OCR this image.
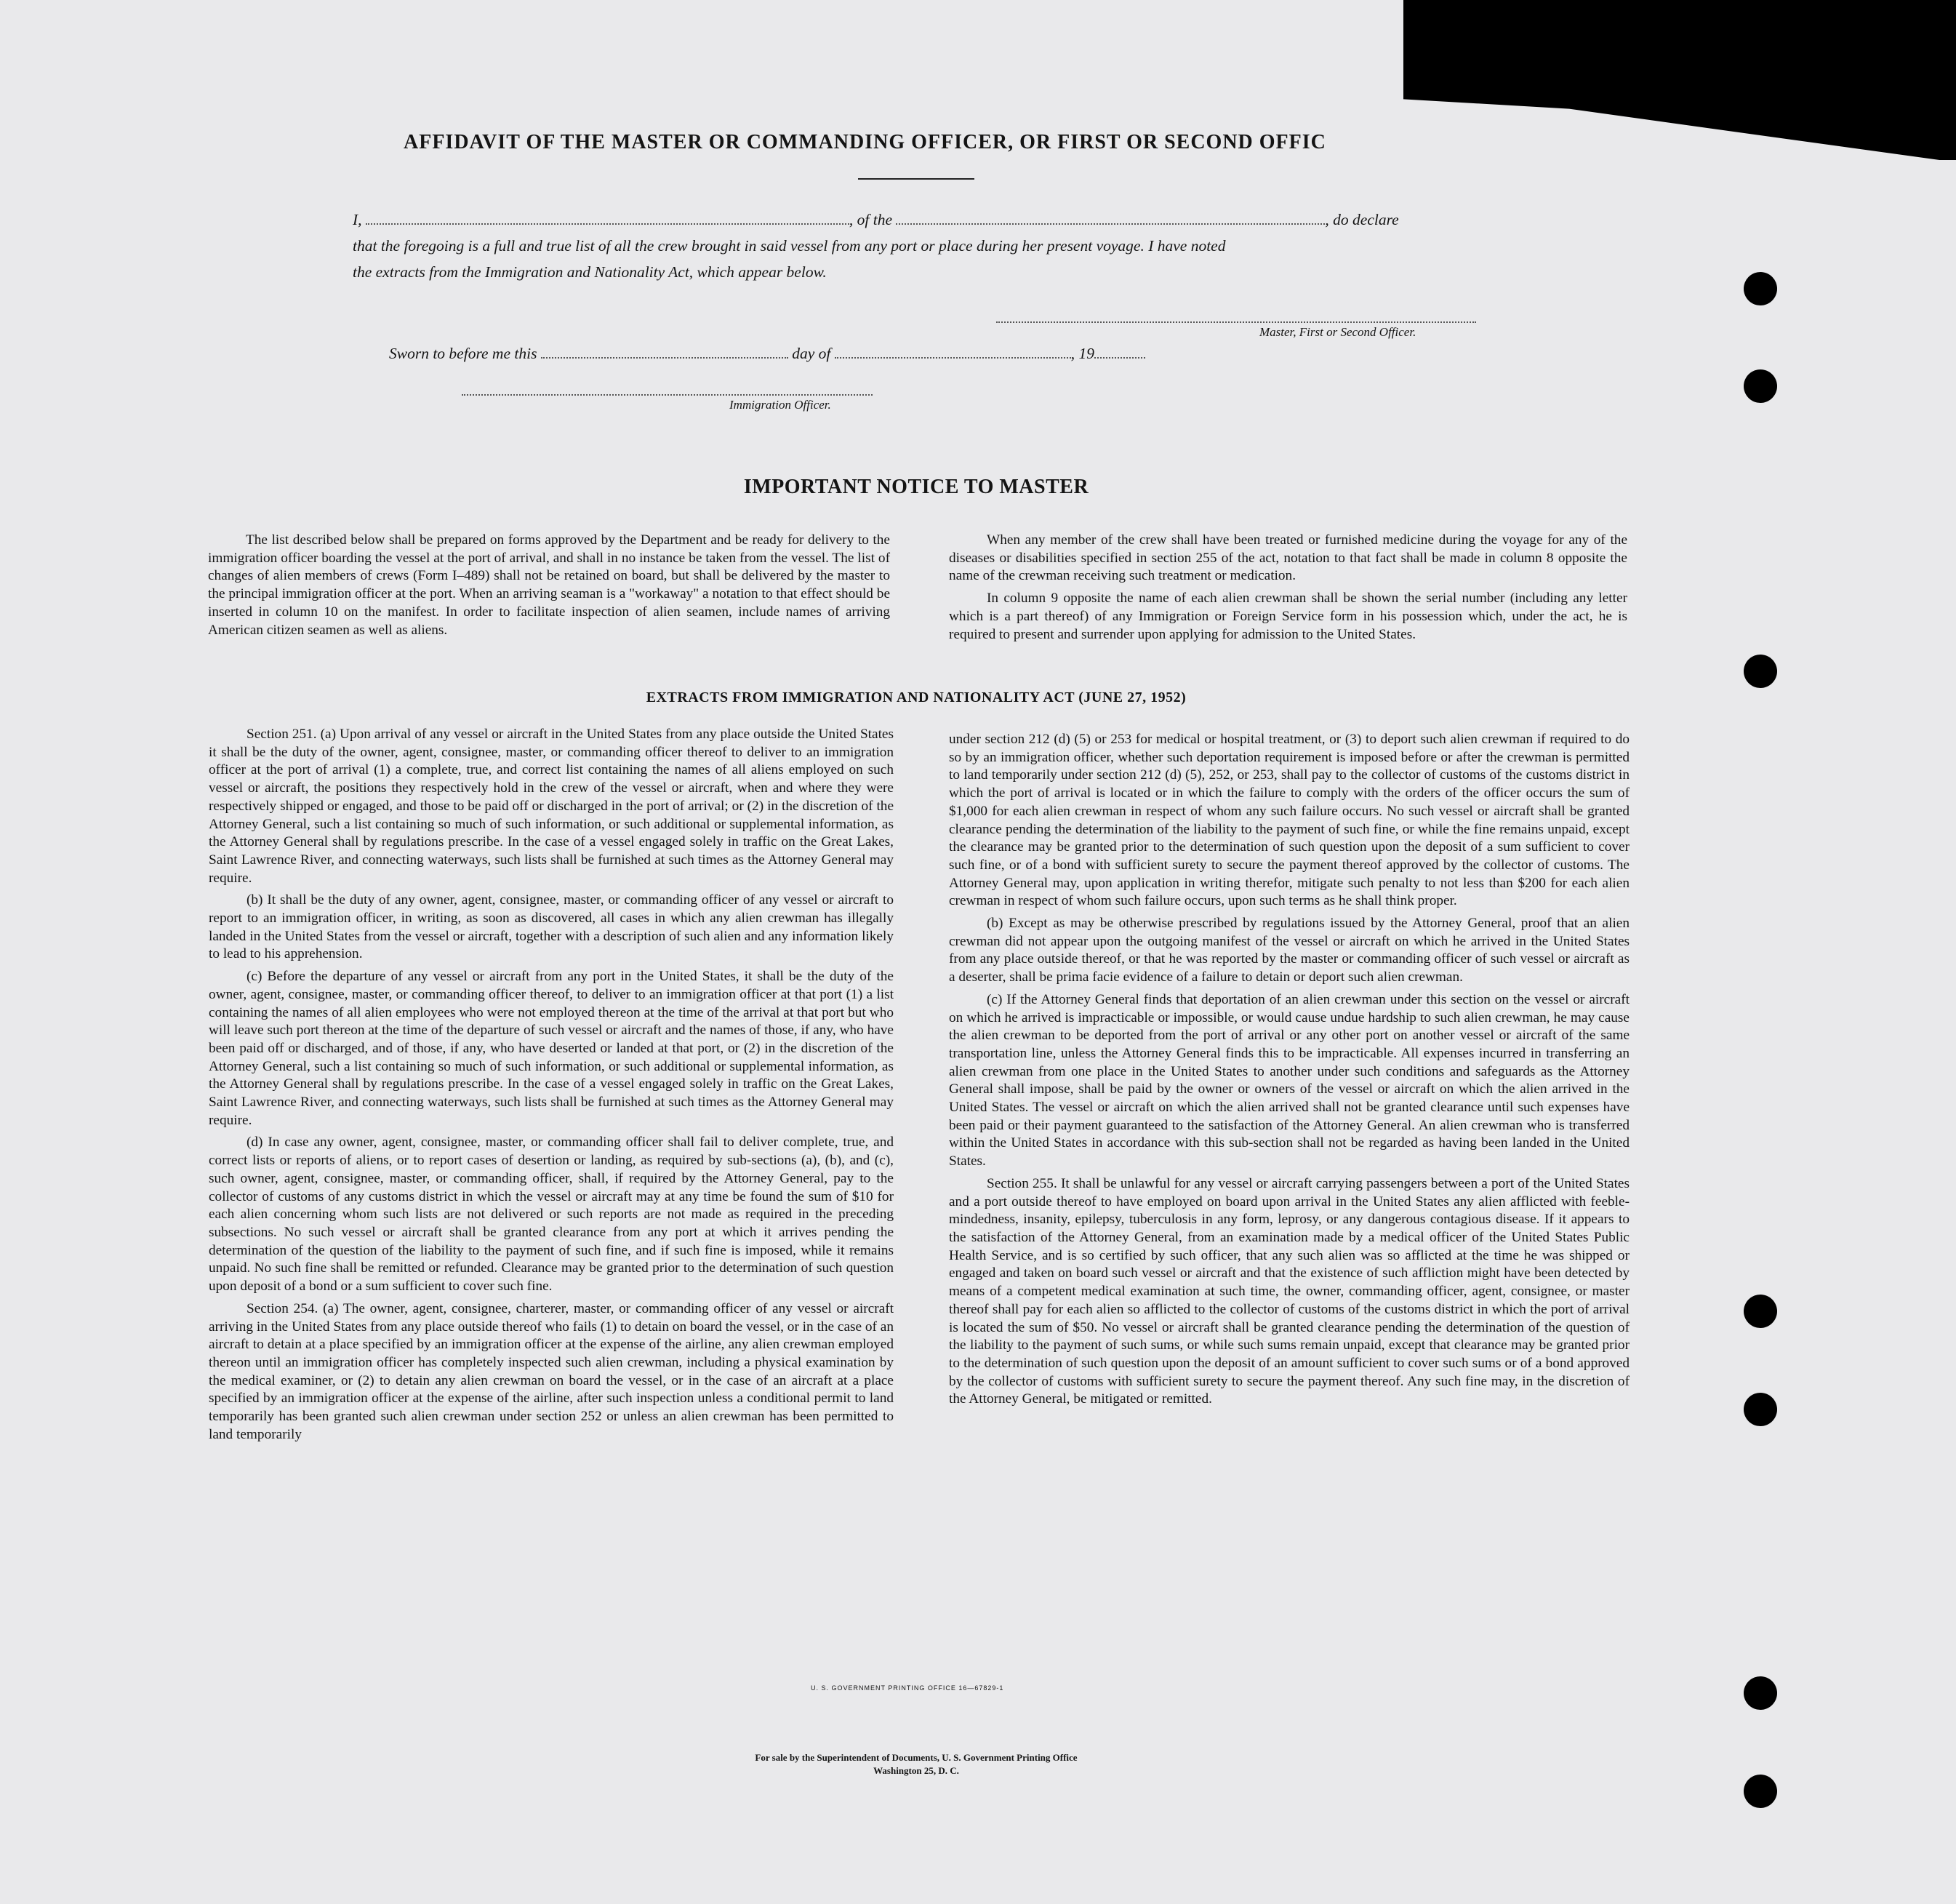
AFFIDAVIT OF THE MASTER OR COMMANDING OFFICER, OR FIRST OR SECOND OFFIC
I,	, of the	, do declare
that the foregoing is a full and true list of all the crew brought in said vessel from any port or place during her present voyage. I have noted
the extracts from the Immigration and Nationality Act, which appear below.
Master, First or Second Officer.
Sworn to before me this	day of	, 19
Immigration Officer.
IMPORTANT NOTICE TO MASTER

The list described below shall be prepared on forms approved by the Department and be ready for delivery to the immigration officer boarding the vessel at the port of arrival, and shall in no instance be taken from the vessel. The list of changes of alien members of crews (Form I–489) shall not be retained on board, but shall be delivered by the master to the principal immigration officer at the port. When an arriving seaman is a "workaway" a notation to that effect should be inserted in column 10 on the manifest. In order to facilitate inspection of alien seamen, include names of arriving American citizen seamen as well as aliens.

When any member of the crew shall have been treated or furnished medicine during the voyage for any of the diseases or disabilities specified in section 255 of the act, notation to that fact shall be made in column 8 opposite the name of the crewman receiving such treatment or medication.

In column 9 opposite the name of each alien crewman shall be shown the serial number (including any letter which is a part thereof) of any Immigration or Foreign Service form in his possession which, under the act, he is required to present and surrender upon applying for admission to the United States.

EXTRACTS FROM IMMIGRATION AND NATIONALITY ACT (JUNE 27, 1952)

Section 251. (a) Upon arrival of any vessel or aircraft in the United States from any place outside the United States it shall be the duty of the owner, agent, consignee, master, or commanding officer thereof to deliver to an immigration officer at the port of arrival (1) a complete, true, and correct list containing the names of all aliens employed on such vessel or aircraft, the positions they respectively hold in the crew of the vessel or aircraft, when and where they were respectively shipped or engaged, and those to be paid off or discharged in the port of arrival; or (2) in the discretion of the Attorney General, such a list containing so much of such information, or such additional or supplemental information, as the Attorney General shall by regulations prescribe. In the case of a vessel engaged solely in traffic on the Great Lakes, Saint Lawrence River, and connecting waterways, such lists shall be furnished at such times as the Attorney General may require.

(b) It shall be the duty of any owner, agent, consignee, master, or commanding officer of any vessel or aircraft to report to an immigration officer, in writing, as soon as discovered, all cases in which any alien crewman has illegally landed in the United States from the vessel or aircraft, together with a description of such alien and any information likely to lead to his apprehension.

(c) Before the departure of any vessel or aircraft from any port in the United States, it shall be the duty of the owner, agent, consignee, master, or commanding officer thereof, to deliver to an immigration officer at that port (1) a list containing the names of all alien employees who were not employed thereon at the time of the arrival at that port but who will leave such port thereon at the time of the departure of such vessel or aircraft and the names of those, if any, who have been paid off or discharged, and of those, if any, who have deserted or landed at that port, or (2) in the discretion of the Attorney General, such a list containing so much of such information, or such additional or supplemental information, as the Attorney General shall by regulations prescribe. In the case of a vessel engaged solely in traffic on the Great Lakes, Saint Lawrence River, and connecting waterways, such lists shall be furnished at such times as the Attorney General may require.

(d) In case any owner, agent, consignee, master, or commanding officer shall fail to deliver complete, true, and correct lists or reports of aliens, or to report cases of desertion or landing, as required by sub-sections (a), (b), and (c), such owner, agent, consignee, master, or commanding officer, shall, if required by the Attorney General, pay to the collector of customs of any customs district in which the vessel or aircraft may at any time be found the sum of $10 for each alien concerning whom such lists are not delivered or such reports are not made as required in the preceding subsections. No such vessel or aircraft shall be granted clearance from any port at which it arrives pending the determination of the question of the liability to the payment of such fine, and if such fine is imposed, while it remains unpaid. No such fine shall be remitted or refunded. Clearance may be granted prior to the determination of such question upon deposit of a bond or a sum sufficient to cover such fine.

Section 254. (a) The owner, agent, consignee, charterer, master, or commanding officer of any vessel or aircraft arriving in the United States from any place outside thereof who fails (1) to detain on board the vessel, or in the case of an aircraft to detain at a place specified by an immigration officer at the expense of the airline, any alien crewman employed thereon until an immigration officer has completely inspected such alien crewman, including a physical examination by the medical examiner, or (2) to detain any alien crewman on board the vessel, or in the case of an aircraft at a place specified by an immigration officer at the expense of the airline, after such inspection unless a conditional permit to land temporarily has been granted such alien crewman under section 252 or unless an alien crewman has been permitted to land temporarily

under section 212 (d) (5) or 253 for medical or hospital treatment, or (3) to deport such alien crewman if required to do so by an immigration officer, whether such deportation requirement is imposed before or after the crewman is permitted to land temporarily under section 212 (d) (5), 252, or 253, shall pay to the collector of customs of the customs district in which the port of arrival is located or in which the failure to comply with the orders of the officer occurs the sum of $1,000 for each alien crewman in respect of whom any such failure occurs. No such vessel or aircraft shall be granted clearance pending the determination of the liability to the payment of such fine, or while the fine remains unpaid, except the clearance may be granted prior to the determination of such question upon the deposit of a sum sufficient to cover such fine, or of a bond with sufficient surety to secure the payment thereof approved by the collector of customs. The Attorney General may, upon application in writing therefor, mitigate such penalty to not less than $200 for each alien crewman in respect of whom such failure occurs, upon such terms as he shall think proper.

(b) Except as may be otherwise prescribed by regulations issued by the Attorney General, proof that an alien crewman did not appear upon the outgoing manifest of the vessel or aircraft on which he arrived in the United States from any place outside thereof, or that he was reported by the master or commanding officer of such vessel or aircraft as a deserter, shall be prima facie evidence of a failure to detain or deport such alien crewman.

(c) If the Attorney General finds that deportation of an alien crewman under this section on the vessel or aircraft on which he arrived is impracticable or impossible, or would cause undue hardship to such alien crewman, he may cause the alien crewman to be deported from the port of arrival or any other port on another vessel or aircraft of the same transportation line, unless the Attorney General finds this to be impracticable. All expenses incurred in transferring an alien crewman from one place in the United States to another under such conditions and safeguards as the Attorney General shall impose, shall be paid by the owner or owners of the vessel or aircraft on which the alien arrived in the United States. The vessel or aircraft on which the alien arrived shall not be granted clearance until such expenses have been paid or their payment guaranteed to the satisfaction of the Attorney General. An alien crewman who is transferred within the United States in accordance with this sub-section shall not be regarded as having been landed in the United States.

Section 255. It shall be unlawful for any vessel or aircraft carrying passengers between a port of the United States and a port outside thereof to have employed on board upon arrival in the United States any alien afflicted with feeble-mindedness, insanity, epilepsy, tuberculosis in any form, leprosy, or any dangerous contagious disease. If it appears to the satisfaction of the Attorney General, from an examination made by a medical officer of the United States Public Health Service, and is so certified by such officer, that any such alien was so afflicted at the time he was shipped or engaged and taken on board such vessel or aircraft and that the existence of such affliction might have been detected by means of a competent medical examination at such time, the owner, commanding officer, agent, consignee, or master thereof shall pay for each alien so afflicted to the collector of customs of the customs district in which the port of arrival is located the sum of $50. No vessel or aircraft shall be granted clearance pending the determination of the question of the liability to the payment of such sums, or while such sums remain unpaid, except that clearance may be granted prior to the determination of such question upon the deposit of an amount sufficient to cover such sums or of a bond approved by the collector of customs with sufficient surety to secure the payment thereof. Any such fine may, in the discretion of the Attorney General, be mitigated or remitted.

U. S. GOVERNMENT PRINTING OFFICE 16—67829-1
For sale by the Superintendent of Documents, U. S. Government Printing Office
Washington 25, D. C.
